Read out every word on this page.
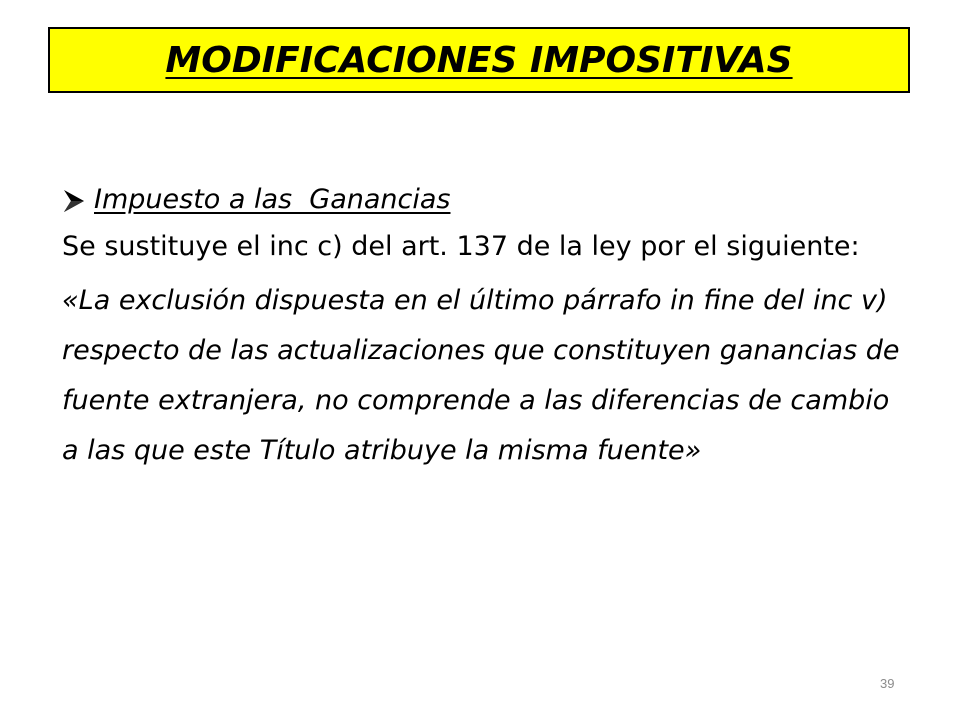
MODIFICACIONES IMPOSITIVAS

Impuesto a las  Ganancias

Se sustituye el inc c) del art. 137 de la ley por el siguiente:

«La exclusión dispuesta en el último párrafo in fine del inc v) respecto de las actualizaciones que constituyen ganancias de fuente extranjera, no comprende a las diferencias de cambio a las que este Título atribuye la misma fuente»

39
